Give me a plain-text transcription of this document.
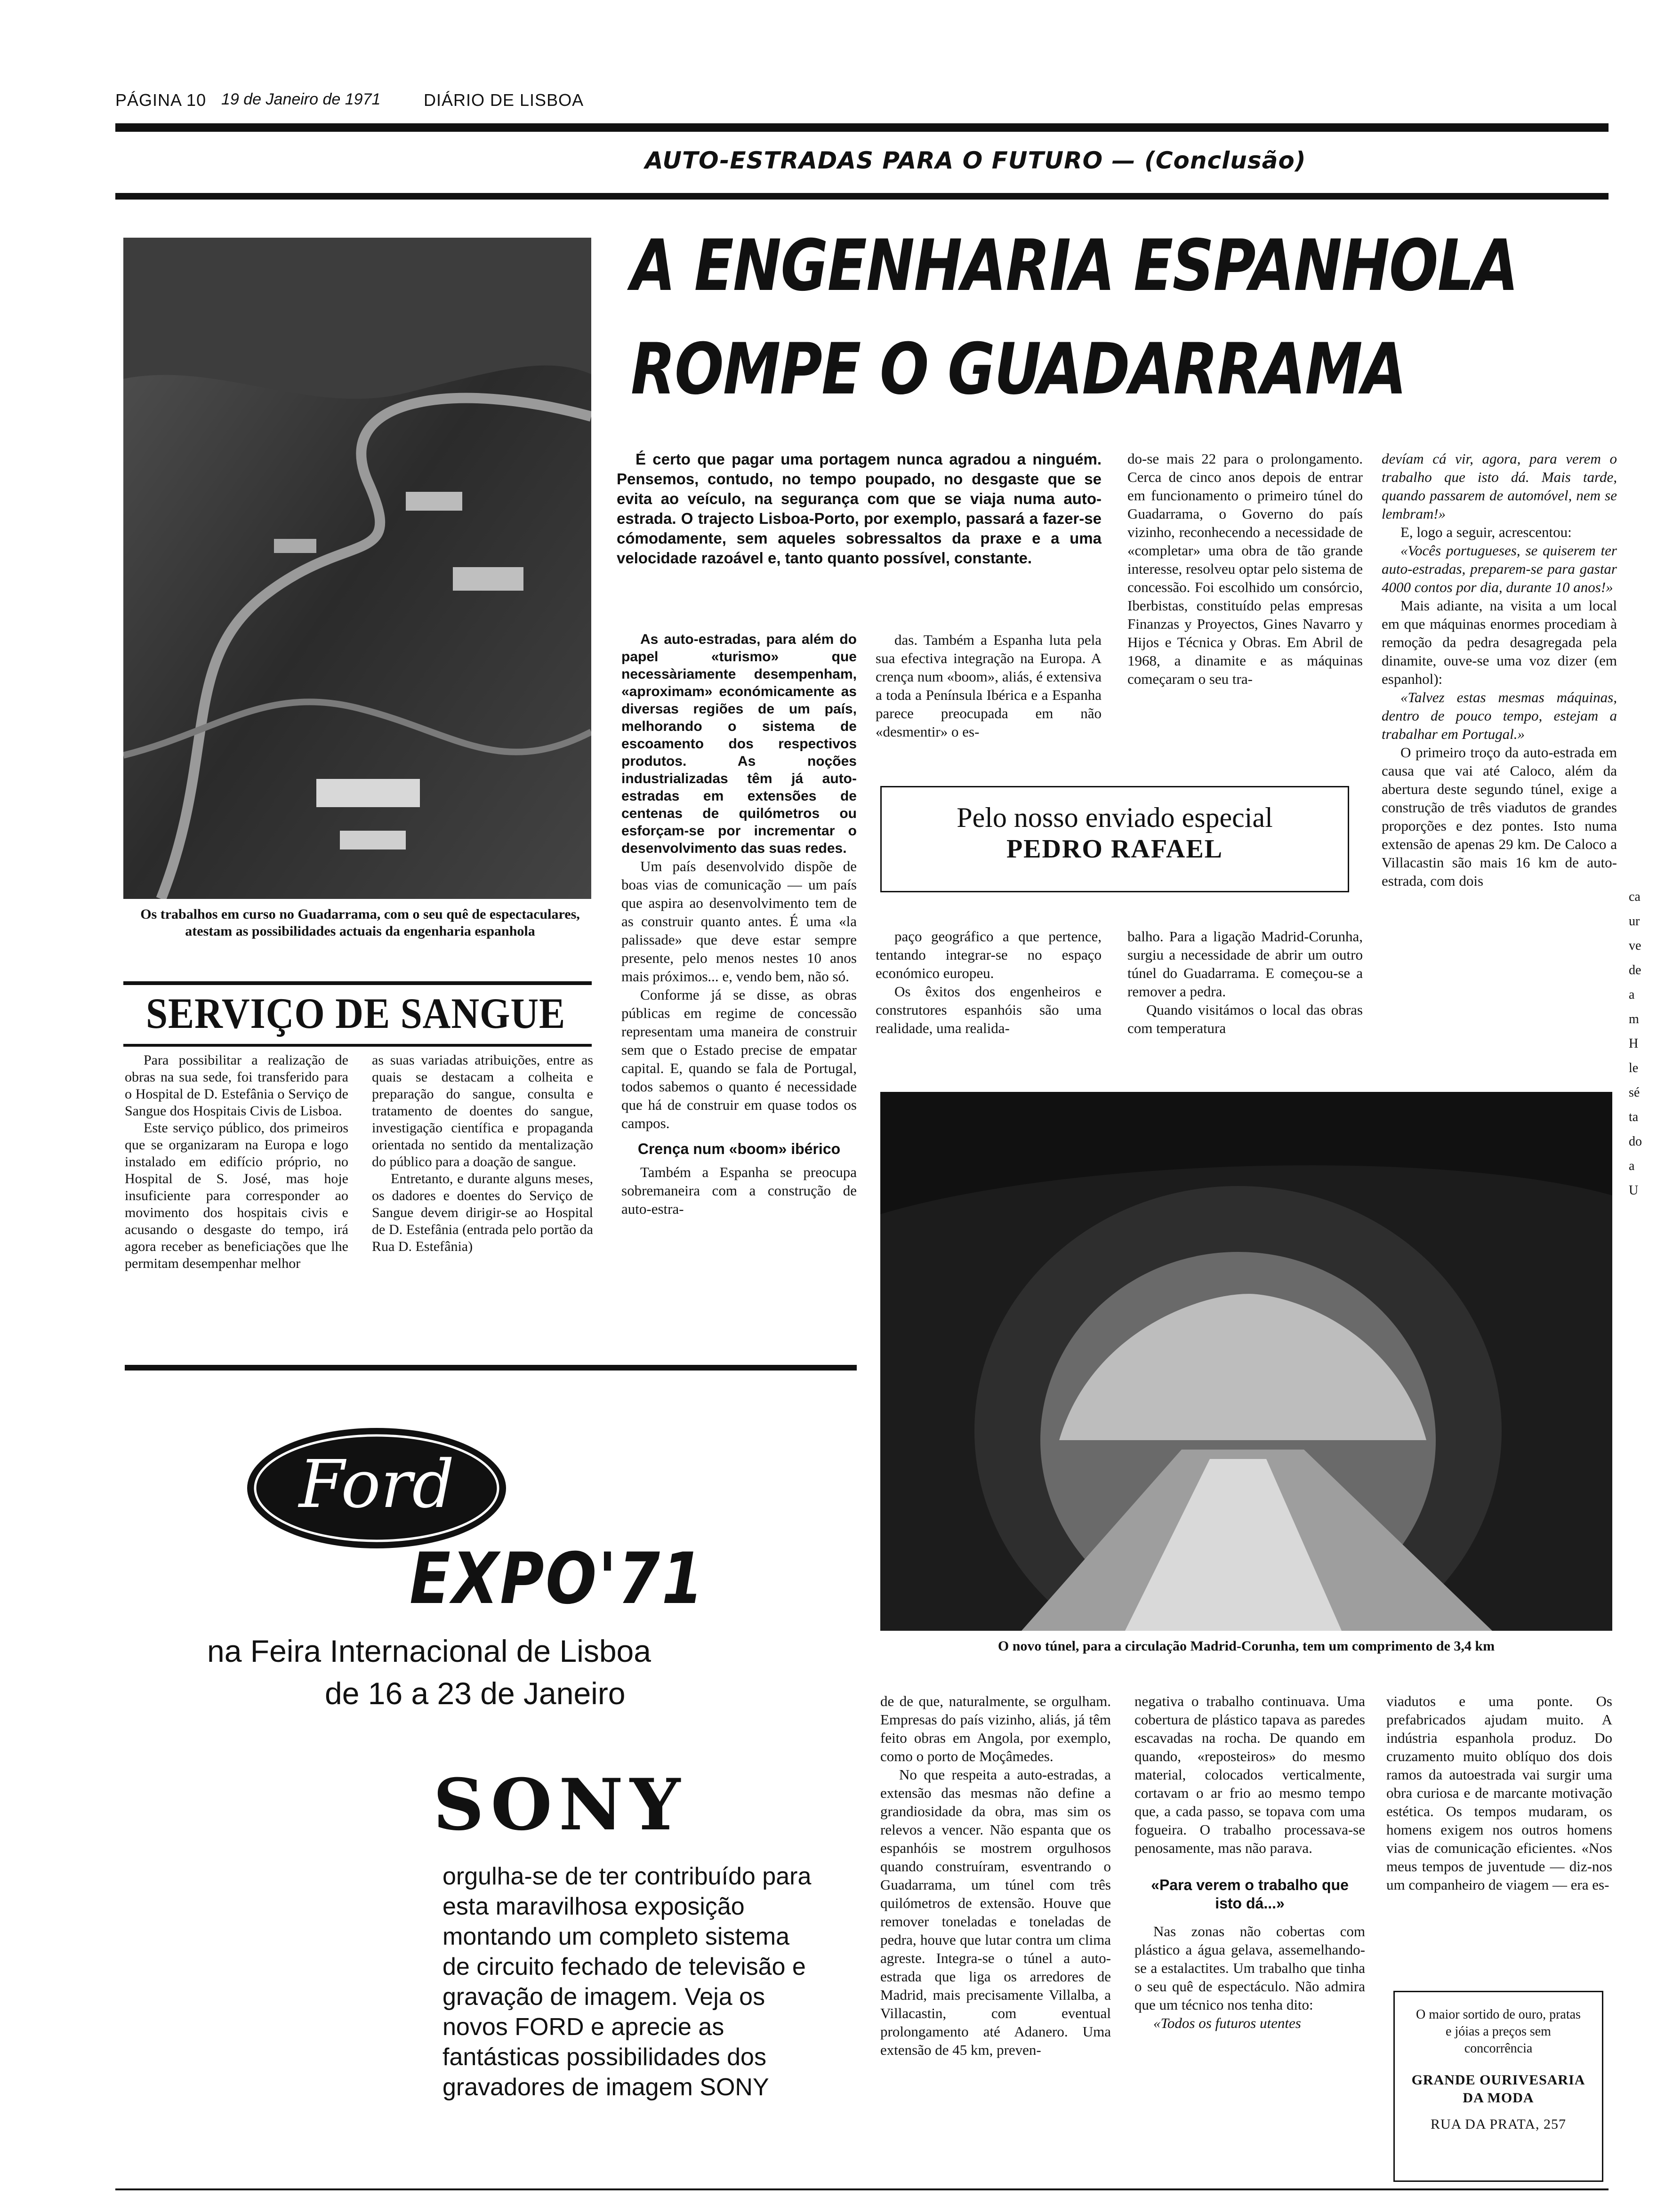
PÁGINA 10 19 de Janeiro de 1971	DIÁRIO DE LISBOA
AUTO-ESTRADAS PARA O FUTURO — (Conclusão)
Os trabalhos em curso no Guadarrama, com o seu quê de espectaculares, atestam as possibilidades actuais da engenharia espanhola
A ENGENHARIA ESPANHOLA
ROMPE O GUADARRAMA

É certo que pagar uma portagem nunca agradou a ninguém. Pensemos, contudo, no tempo poupado, no desgaste que se evita ao veículo, na segurança com que se viaja numa auto-estrada. O trajecto Lisboa-Porto, por exemplo, passará a fazer-se cómodamente, sem aqueles sobressaltos da praxe e a uma velocidade razoável e, tanto quanto possível, constante.

As auto-estradas, para além do papel «turismo» que necessàriamente desempenham, «aproximam» económicamente as diversas regiões de um país, melhorando o sistema de escoamento dos respectivos produtos. As noções industrializadas têm já auto-estradas em extensões de centenas de quilómetros ou esforçam-se por incrementar o desenvolvimento das suas redes.

Um país desenvolvido dispõe de boas vias de comunicação — um país que aspira ao desenvolvimento tem de as construir quanto antes. É uma «la palissade» que deve estar sempre presente, pelo menos nestes 10 anos mais próximos... e, vendo bem, não só.

Conforme já se disse, as obras públicas em regime de concessão representam uma maneira de construir sem que o Estado precise de empatar capital. E, quando se fala de Portugal, todos sabemos o quanto é necessidade que há de construir em quase todos os campos.

Crença num «boom» ibérico

Também a Espanha se preocupa sobremaneira com a construção de auto-estra-

das. Também a Espanha luta pela sua efectiva integração na Europa. A crença num «boom», aliás, é extensiva a toda a Península Ibérica e a Espanha parece preocupada em não «desmentir» o es-

Pelo nosso enviado especial
PEDRO RAFAEL

paço geográfico a que pertence, tentando integrar-se no espaço económico europeu.

Os êxitos dos engenheiros e construtores espanhóis são uma realidade, uma realida-

do-se mais 22 para o prolongamento. Cerca de cinco anos depois de entrar em funcionamento o primeiro túnel do Guadarrama, o Governo do país vizinho, reconhecendo a necessidade de «completar» uma obra de tão grande interesse, resolveu optar pelo sistema de concessão. Foi escolhido um consórcio, Iberbistas, constituído pelas empresas Finanzas y Proyectos, Gines Navarro y Hijos e Técnica y Obras. Em Abril de 1968, a dinamite e as máquinas começaram o seu tra-

balho. Para a ligação Madrid-Corunha, surgiu a necessidade de abrir um outro túnel do Guadarrama. E começou-se a remover a pedra.

Quando visitámos o local das obras com temperatura

devíam cá vir, agora, para verem o trabalho que isto dá. Mais tarde, quando passarem de automóvel, nem se lembram!»

E, logo a seguir, acrescentou:

«Vocês portugueses, se quiserem ter auto-estradas, preparem-se para gastar 4000 contos por dia, durante 10 anos!»

Mais adiante, na visita a um local em que máquinas enormes procediam à remoção da pedra desagregada pela dinamite, ouve-se uma voz dizer (em espanhol):

«Talvez estas mesmas máquinas, dentro de pouco tempo, estejam a trabalhar em Portugal.»

O primeiro troço da auto-estrada em causa que vai até Caloco, além da abertura deste segundo túnel, exige a construção de três viadutos de grandes proporções e dez pontes. Isto numa extensão de apenas 29 km. De Caloco a Villacastin são mais 16 km de auto-estrada, com dois

ca
ur
ve
de
a
m
H
le
sé
ta
do
a
U
SERVIÇO DE SANGUE

Para possibilitar a realização de obras na sua sede, foi transferido para o Hospital de D. Estefânia o Serviço de Sangue dos Hospitais Civis de Lisboa.

Este serviço público, dos primeiros que se organizaram na Europa e logo instalado em edifício próprio, no Hospital de S. José, mas hoje insuficiente para corresponder ao movimento dos hospitais civis e acusando o desgaste do tempo, irá agora receber as beneficiações que lhe permitam desempenhar melhor

as suas variadas atribuições, entre as quais se destacam a colheita e preparação do sangue, consulta e tratamento de doentes do sangue, investigação científica e propaganda orientada no sentido da mentalização do público para a doação de sangue.

Entretanto, e durante alguns meses, os dadores e doentes do Serviço de Sangue devem dirigir-se ao Hospital de D. Estefânia (entrada pelo portão da Rua D. Estefânia)

O novo túnel, para a circulação Madrid-Corunha, tem um comprimento de 3,4 km

de de que, naturalmente, se orgulham. Empresas do país vizinho, aliás, já têm feito obras em Angola, por exemplo, como o porto de Moçâmedes.

No que respeita a auto-estradas, a extensão das mesmas não define a grandiosidade da obra, mas sim os relevos a vencer. Não espanta que os espanhóis se mostrem orgulhosos quando construíram, esventrando o Guadarrama, um túnel com três quilómetros de extensão. Houve que remover toneladas e toneladas de pedra, houve que lutar contra um clima agreste. Integra-se o túnel a auto-estrada que liga os arredores de Madrid, mais precisamente Villalba, a Villacastin, com eventual prolongamento até Adanero. Uma extensão de 45 km, preven-

negativa o trabalho continuava. Uma cobertura de plástico tapava as paredes escavadas na rocha. De quando em quando, «reposteiros» do mesmo material, colocados verticalmente, cortavam o ar frio ao mesmo tempo que, a cada passo, se topava com uma fogueira. O trabalho processava-se penosamente, mas não parava.

«Para verem o trabalho que isto dá...»

Nas zonas não cobertas com plástico a água gelava, assemelhando-se a estalactites. Um trabalho que tinha o seu quê de espectáculo. Não admira que um técnico nos tenha dito:

«Todos os futuros utentes

viadutos e uma ponte. Os prefabricados ajudam muito. A indústria espanhola produz. Do cruzamento muito oblíquo dos dois ramos da autoestrada vai surgir uma obra curiosa e de marcante motivação estética. Os tempos mudaram, os homens exigem nos outros homens vias de comunicação eficientes. «Nos meus tempos de juventude — diz-nos um companheiro de viagem — era es-

O maior sortido de ouro, pratas e jóias a preços sem concorrência
GRANDE OURIVESARIA DA MODA
RUA DA PRATA, 257
Ford
EXPO'71
na Feira Internacional de Lisboa
de 16 a 23 de Janeiro
SONY
orgulha-se de ter contribuído para esta maravilhosa exposição montando um completo sistema de circuito fechado de televisão e gravação de imagem. Veja os novos FORD e aprecie as fantásticas possibilidades dos gravadores de imagem SONY
